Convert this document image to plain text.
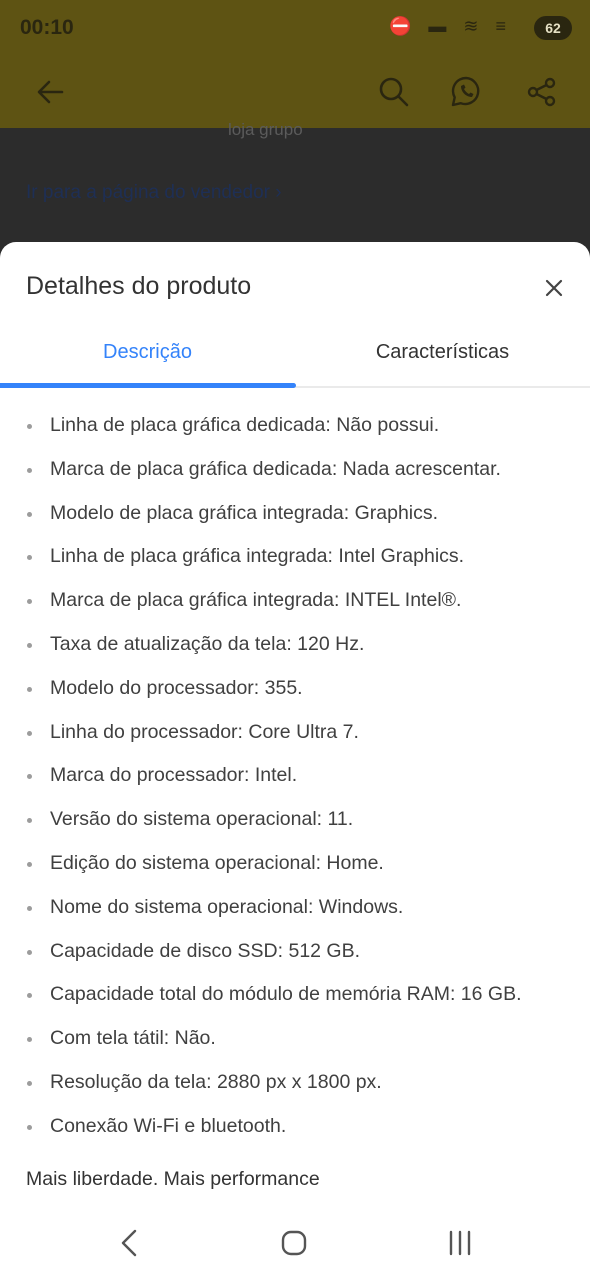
00:10	⛔ ▬ ≋ ≡	62
loja grupo
Ir para a página do vendedor ›
Detalhes do produto
Descrição	Características
Linha de placa gráfica dedicada: Não possui.
Marca de placa gráfica dedicada: Nada acrescentar.
Modelo de placa gráfica integrada: Graphics.
Linha de placa gráfica integrada: Intel Graphics.
Marca de placa gráfica integrada: INTEL Intel®.
Taxa de atualização da tela: 120 Hz.
Modelo do processador: 355.
Linha do processador: Core Ultra 7.
Marca do processador: Intel.
Versão do sistema operacional: 11.
Edição do sistema operacional: Home.
Nome do sistema operacional: Windows.
Capacidade de disco SSD: 512 GB.
Capacidade total do módulo de memória RAM: 16 GB.
Com tela tátil: Não.
Resolução da tela: 2880 px x 1800 px.
Conexão Wi-Fi e bluetooth.
Mais liberdade. Mais performance
